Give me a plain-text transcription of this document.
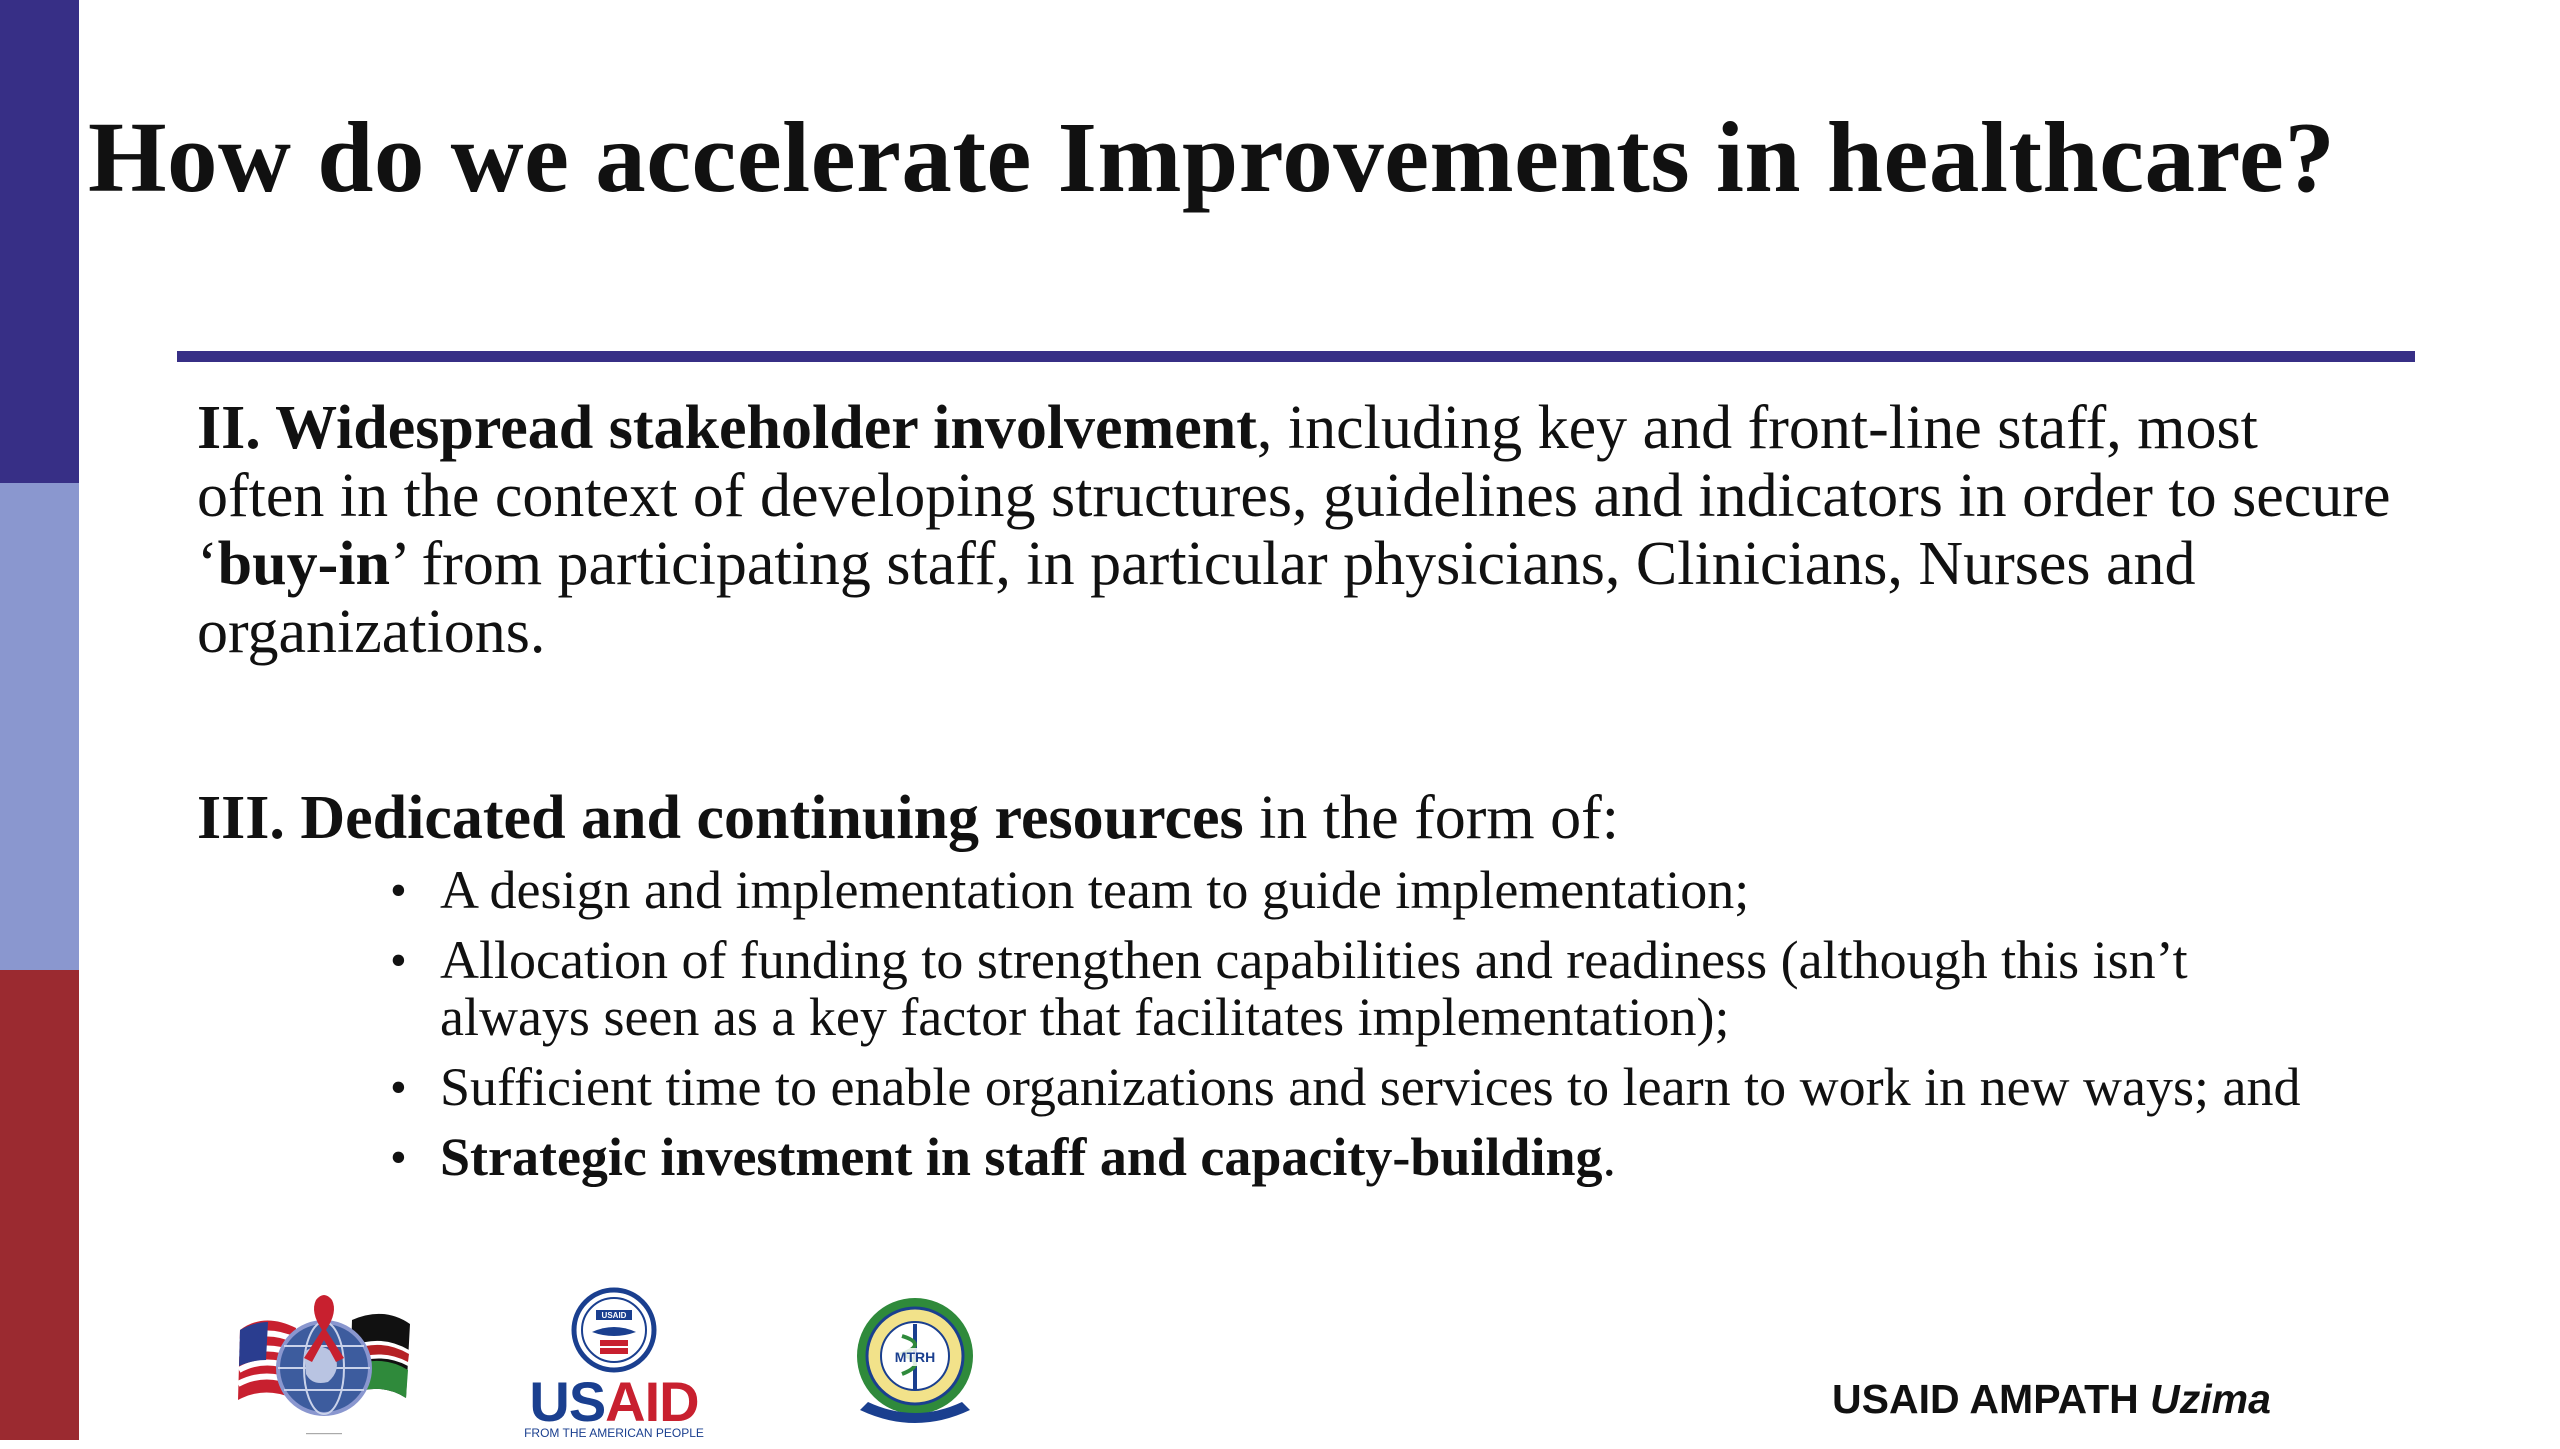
How do we accelerate Improvements in healthcare?

II. Widespread stakeholder involvement, including key and front-line staff, most often in the context of developing structures, guidelines and indicators in order to secure ‘buy-in’ from participating staff, in particular physicians, Clinicians, Nurses and organizations.

III. Dedicated and continuing resources in the form of:

• A design and implementation team to guide implementation;
• Allocation of funding to strengthen capabilities and readiness (although this isn’t always seen as a key factor that facilitates implementation);
• Sufficient time to enable organizations and services to learn to work in new ways; and
• Strategic investment in staff and capacity-building.
————
USAID
USAID
FROM THE AMERICAN PEOPLE
MTRH
USAID AMPATH Uzima
